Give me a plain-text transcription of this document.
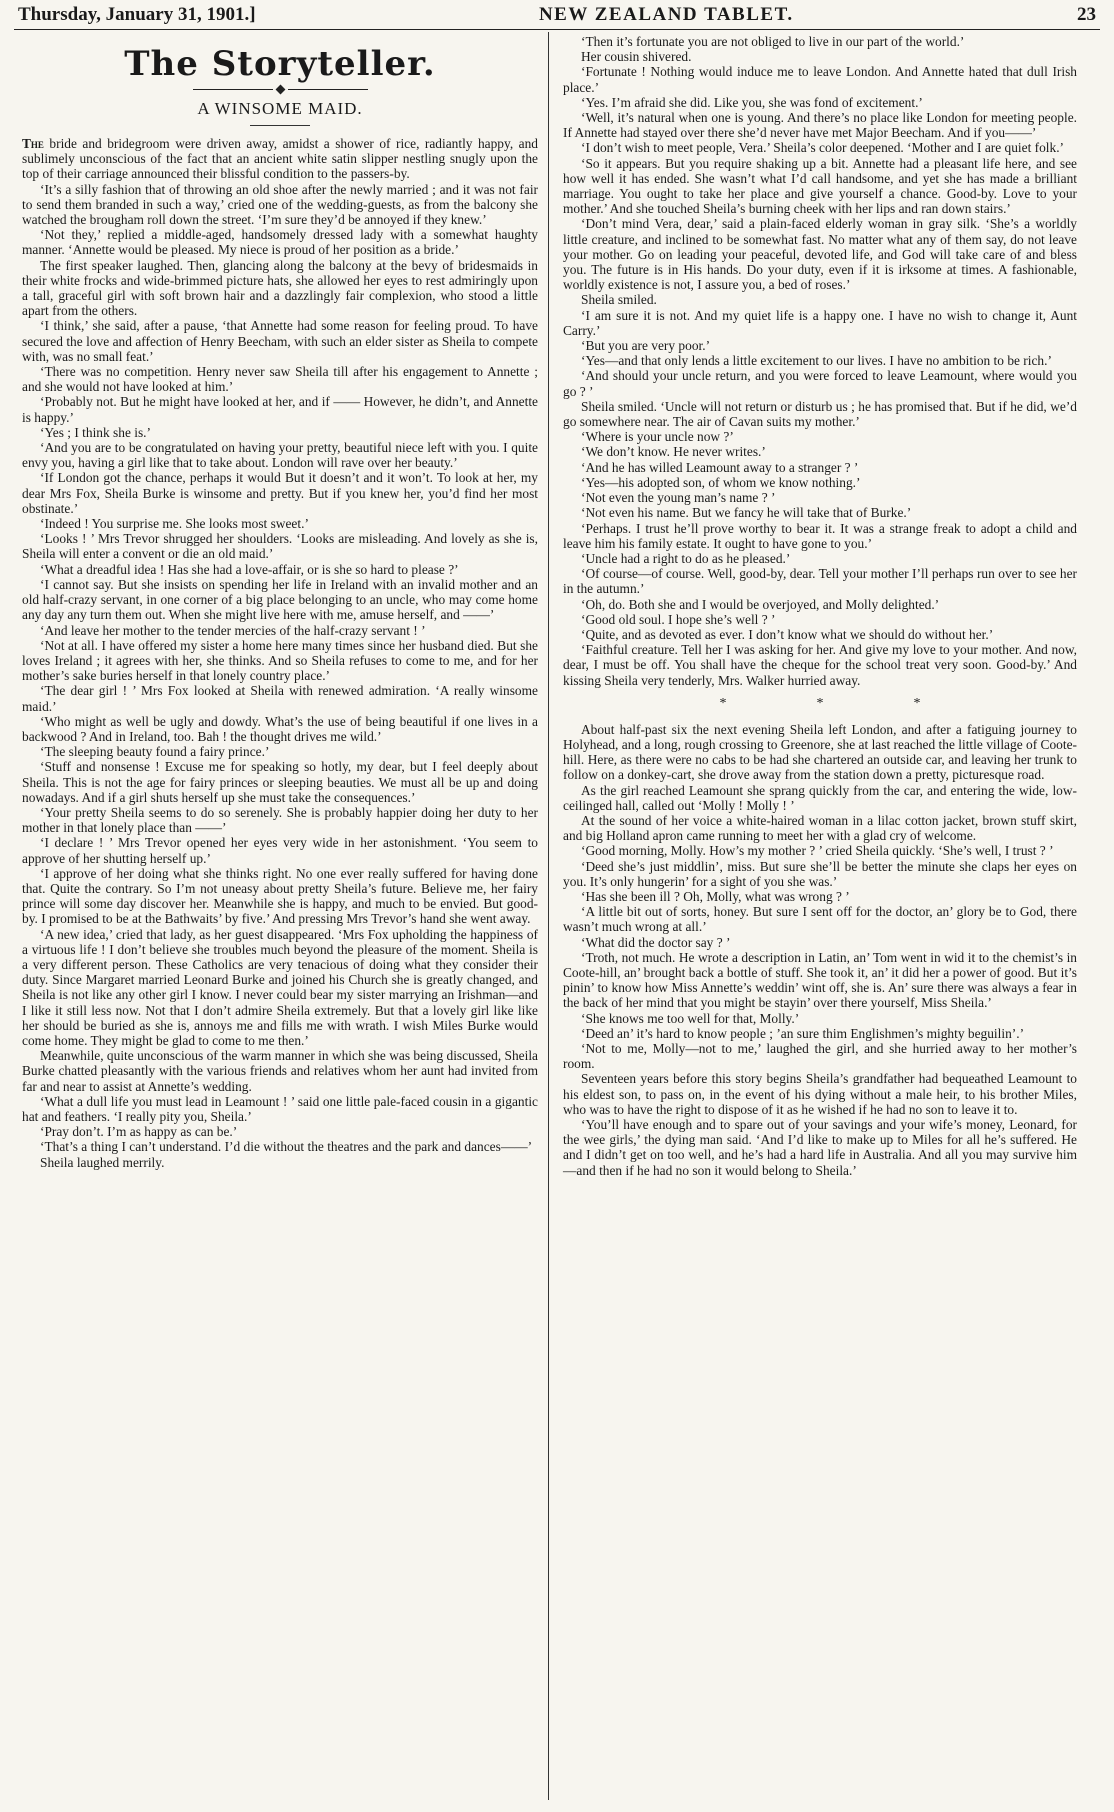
Thursday, January 31, 1901.]	NEW ZEALAND TABLET.	23
The Storyteller.
A WINSOME MAID.

The bride and bridegroom were driven away, amidst a shower of rice, radiantly happy, and sublimely unconscious of the fact that an ancient white satin slipper nestling snugly upon the top of their carriage announced their blissful condition to the passers-by.

‘It’s a silly fashion that of throwing an old shoe after the newly married ; and it was not fair to send them branded in such a way,’ cried one of the wedding-guests, as from the balcony she watched the brougham roll down the street. ‘I’m sure they’d be annoyed if they knew.’

‘Not they,’ replied a middle-aged, handsomely dressed lady with a somewhat haughty manner. ‘Annette would be pleased. My niece is proud of her position as a bride.’

The first speaker laughed. Then, glancing along the balcony at the bevy of bridesmaids in their white frocks and wide-brimmed picture hats, she allowed her eyes to rest admiringly upon a tall, graceful girl with soft brown hair and a dazzlingly fair complexion, who stood a little apart from the others.

‘I think,’ she said, after a pause, ‘that Annette had some reason for feeling proud. To have secured the love and affection of Henry Beecham, with such an elder sister as Sheila to compete with, was no small feat.’

‘There was no competition. Henry never saw Sheila till after his engagement to Annette ; and she would not have looked at him.’

‘Probably not. But he might have looked at her, and if —— However, he didn’t, and Annette is happy.’

‘Yes ; I think she is.’

‘And you are to be congratulated on having your pretty, beautiful niece left with you. I quite envy you, having a girl like that to take about. London will rave over her beauty.’

‘If London got the chance, perhaps it would But it doesn’t and it won’t. To look at her, my dear Mrs Fox, Sheila Burke is winsome and pretty. But if you knew her, you’d find her most obstinate.’

‘Indeed ! You surprise me. She looks most sweet.’

‘Looks ! ’ Mrs Trevor shrugged her shoulders. ‘Looks are misleading. And lovely as she is, Sheila will enter a convent or die an old maid.’

‘What a dreadful idea ! Has she had a love-affair, or is she so hard to please ?’

‘I cannot say. But she insists on spending her life in Ireland with an invalid mother and an old half-crazy servant, in one corner of a big place belonging to an uncle, who may come home any day any turn them out. When she might live here with me, amuse herself, and ——’

‘And leave her mother to the tender mercies of the half-crazy servant ! ’

‘Not at all. I have offered my sister a home here many times since her husband died. But she loves Ireland ; it agrees with her, she thinks. And so Sheila refuses to come to me, and for her mother’s sake buries herself in that lonely country place.’

‘The dear girl ! ’ Mrs Fox looked at Sheila with renewed admiration. ‘A really winsome maid.’

‘Who might as well be ugly and dowdy. What’s the use of being beautiful if one lives in a backwood ? And in Ireland, too. Bah ! the thought drives me wild.’

‘The sleeping beauty found a fairy prince.’

‘Stuff and nonsense ! Excuse me for speaking so hotly, my dear, but I feel deeply about Sheila. This is not the age for fairy princes or sleeping beauties. We must all be up and doing nowadays. And if a girl shuts herself up she must take the consequences.’

‘Your pretty Sheila seems to do so serenely. She is probably happier doing her duty to her mother in that lonely place than ——’

‘I declare ! ’ Mrs Trevor opened her eyes very wide in her astonishment. ‘You seem to approve of her shutting herself up.’

‘I approve of her doing what she thinks right. No one ever really suffered for having done that. Quite the contrary. So I’m not uneasy about pretty Sheila’s future. Believe me, her fairy prince will some day discover her. Meanwhile she is happy, and much to be envied. But good-by. I promised to be at the Bathwaits’ by five.’ And pressing Mrs Trevor’s hand she went away.

‘A new idea,’ cried that lady, as her guest disappeared. ‘Mrs Fox upholding the happiness of a virtuous life ! I don’t believe she troubles much beyond the pleasure of the moment. Sheila is a very different person. These Catholics are very tenacious of doing what they consider their duty. Since Margaret married Leonard Burke and joined his Church she is greatly changed, and Sheila is not like any other girl I know. I never could bear my sister marrying an Irishman—and I like it still less now. Not that I don’t admire Sheila extremely. But that a lovely girl like like her should be buried as she is, annoys me and fills me with wrath. I wish Miles Burke would come home. They might be glad to come to me then.’

Meanwhile, quite unconscious of the warm manner in which she was being discussed, Sheila Burke chatted pleasantly with the various friends and relatives whom her aunt had invited from far and near to assist at Annette’s wedding.

‘What a dull life you must lead in Leamount ! ’ said one little pale-faced cousin in a gigantic hat and feathers. ‘I really pity you, Sheila.’

‘Pray don’t. I’m as happy as can be.’

‘That’s a thing I can’t understand. I’d die without the theatres and the park and dances——’

Sheila laughed merrily.

‘Then it’s fortunate you are not obliged to live in our part of the world.’

Her cousin shivered.

‘Fortunate ! Nothing would induce me to leave London. And Annette hated that dull Irish place.’

‘Yes. I’m afraid she did. Like you, she was fond of excitement.’

‘Well, it’s natural when one is young. And there’s no place like London for meeting people. If Annette had stayed over there she’d never have met Major Beecham. And if you——’

‘I don’t wish to meet people, Vera.’ Sheila’s color deepened. ‘Mother and I are quiet folk.’

‘So it appears. But you require shaking up a bit. Annette had a pleasant life here, and see how well it has ended. She wasn’t what I’d call handsome, and yet she has made a brilliant marriage. You ought to take her place and give yourself a chance. Good-by. Love to your mother.’ And she touched Sheila’s burning cheek with her lips and ran down stairs.’

‘Don’t mind Vera, dear,’ said a plain-faced elderly woman in gray silk. ‘She’s a worldly little creature, and inclined to be somewhat fast. No matter what any of them say, do not leave your mother. Go on leading your peaceful, devoted life, and God will take care of and bless you. The future is in His hands. Do your duty, even if it is irksome at times. A fashionable, worldly existence is not, I assure you, a bed of roses.’

Sheila smiled.

‘I am sure it is not. And my quiet life is a happy one. I have no wish to change it, Aunt Carry.’

‘But you are very poor.’

‘Yes—and that only lends a little excitement to our lives. I have no ambition to be rich.’

‘And should your uncle return, and you were forced to leave Leamount, where would you go ? ’

Sheila smiled. ‘Uncle will not return or disturb us ; he has promised that. But if he did, we’d go somewhere near. The air of Cavan suits my mother.’

‘Where is your uncle now ?’

‘We don’t know. He never writes.’

‘And he has willed Leamount away to a stranger ? ’

‘Yes—his adopted son, of whom we know nothing.’

‘Not even the young man’s name ? ’

‘Not even his name. But we fancy he will take that of Burke.’

‘Perhaps. I trust he’ll prove worthy to bear it. It was a strange freak to adopt a child and leave him his family estate. It ought to have gone to you.’

‘Uncle had a right to do as he pleased.’

‘Of course—of course. Well, good-by, dear. Tell your mother I’ll perhaps run over to see her in the autumn.’

‘Oh, do. Both she and I would be overjoyed, and Molly delighted.’

‘Good old soul. I hope she’s well ? ’

‘Quite, and as devoted as ever. I don’t know what we should do without her.’

‘Faithful creature. Tell her I was asking for her. And give my love to your mother. And now, dear, I must be off. You shall have the cheque for the school treat very soon. Good-by.’ And kissing Sheila very tenderly, Mrs. Walker hurried away.

*	*	*

About half-past six the next evening Sheila left London, and after a fatiguing journey to Holyhead, and a long, rough crossing to Greenore, she at last reached the little village of Coote-hill. Here, as there were no cabs to be had she chartered an outside car, and leaving her trunk to follow on a donkey-cart, she drove away from the station down a pretty, picturesque road.

As the girl reached Leamount she sprang quickly from the car, and entering the wide, low-ceilinged hall, called out ‘Molly ! Molly ! ’

At the sound of her voice a white-haired woman in a lilac cotton jacket, brown stuff skirt, and big Holland apron came running to meet her with a glad cry of welcome.

‘Good morning, Molly. How’s my mother ? ’ cried Sheila quickly. ‘She’s well, I trust ? ’

‘Deed she’s just middlin’, miss. But sure she’ll be better the minute she claps her eyes on you. It’s only hungerin’ for a sight of you she was.’

‘Has she been ill ? Oh, Molly, what was wrong ? ’

‘A little bit out of sorts, honey. But sure I sent off for the doctor, an’ glory be to God, there wasn’t much wrong at all.’

‘What did the doctor say ? ’

‘Troth, not much. He wrote a description in Latin, an’ Tom went in wid it to the chemist’s in Coote-hill, an’ brought back a bottle of stuff. She took it, an’ it did her a power of good. But it’s pinin’ to know how Miss Annette’s weddin’ wint off, she is. An’ sure there was always a fear in the back of her mind that you might be stayin’ over there yourself, Miss Sheila.’

‘She knows me too well for that, Molly.’

‘Deed an’ it’s hard to know people ; ’an sure thim Englishmen’s mighty beguilin’.’

‘Not to me, Molly—not to me,’ laughed the girl, and she hurried away to her mother’s room.

Seventeen years before this story begins Sheila’s grandfather had bequeathed Leamount to his eldest son, to pass on, in the event of his dying without a male heir, to his brother Miles, who was to have the right to dispose of it as he wished if he had no son to leave it to.

‘You’ll have enough and to spare out of your savings and your wife’s money, Leonard, for the wee girls,’ the dying man said. ‘And I’d like to make up to Miles for all he’s suffered. He and I didn’t get on too well, and he’s had a hard life in Australia. And all you may survive him—and then if he had no son it would belong to Sheila.’
